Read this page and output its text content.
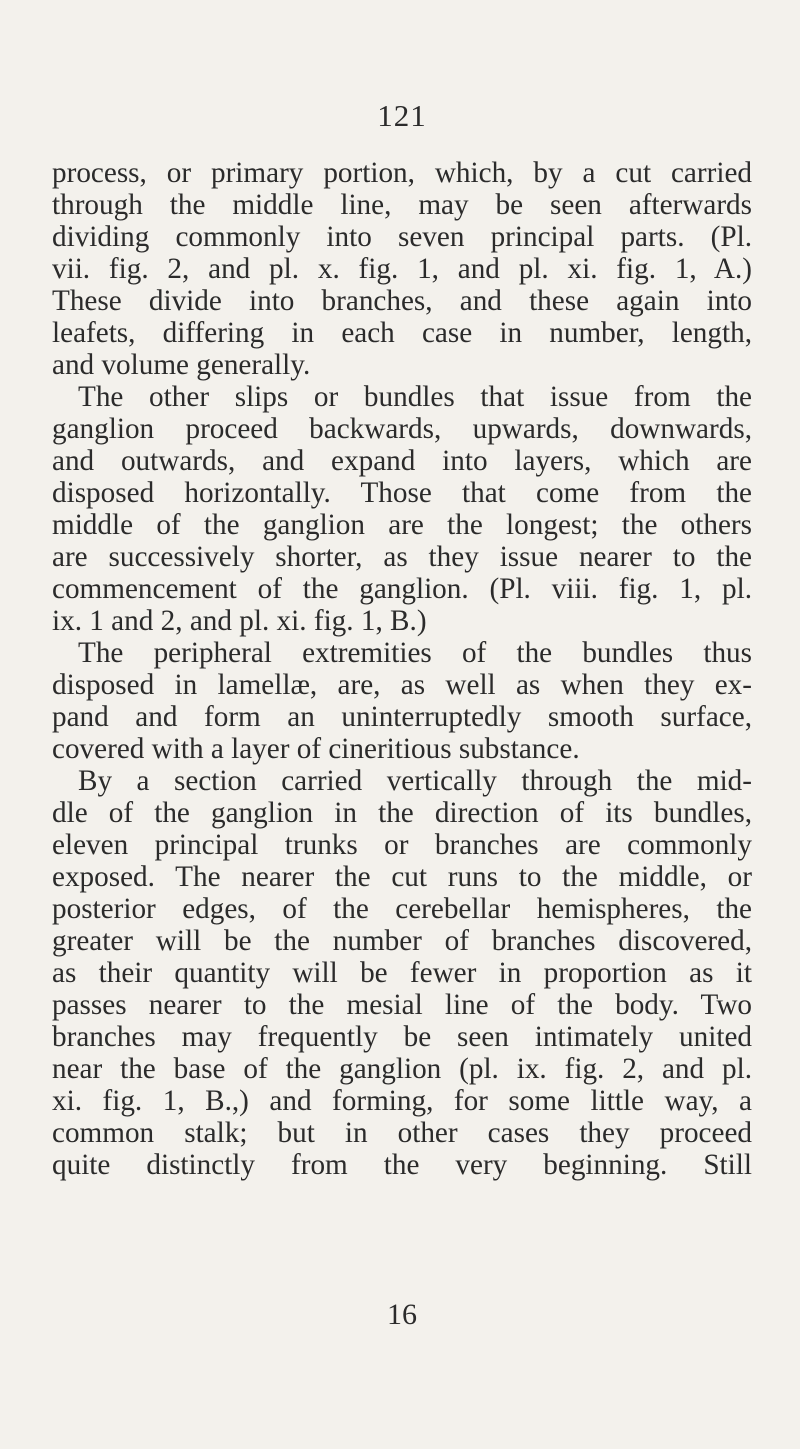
121
process, or primary portion, which, by a cut carried
through the middle line, may be seen afterwards
dividing commonly into seven principal parts. (Pl.
vii. fig. 2, and pl. x. fig. 1, and pl. xi. fig. 1, A.)
These divide into branches, and these again into
leafets, differing in each case in number, length,
and volume generally.
The other slips or bundles that issue from the
ganglion proceed backwards, upwards, downwards,
and outwards, and expand into layers, which are
disposed horizontally. Those that come from the
middle of the ganglion are the longest; the others
are successively shorter, as they issue nearer to the
commencement of the ganglion. (Pl. viii. fig. 1, pl.
ix. 1 and 2, and pl. xi. fig. 1, B.)
The peripheral extremities of the bundles thus
disposed in lamellæ, are, as well as when they ex-
pand and form an uninterruptedly smooth surface,
covered with a layer of cineritious substance.
By a section carried vertically through the mid-
dle of the ganglion in the direction of its bundles,
eleven principal trunks or branches are commonly
exposed. The nearer the cut runs to the middle, or
posterior edges, of the cerebellar hemispheres, the
greater will be the number of branches discovered,
as their quantity will be fewer in proportion as it
passes nearer to the mesial line of the body. Two
branches may frequently be seen intimately united
near the base of the ganglion (pl. ix. fig. 2, and pl.
xi. fig. 1, B.,) and forming, for some little way, a
common stalk; but in other cases they proceed
quite distinctly from the very beginning. Still
16
